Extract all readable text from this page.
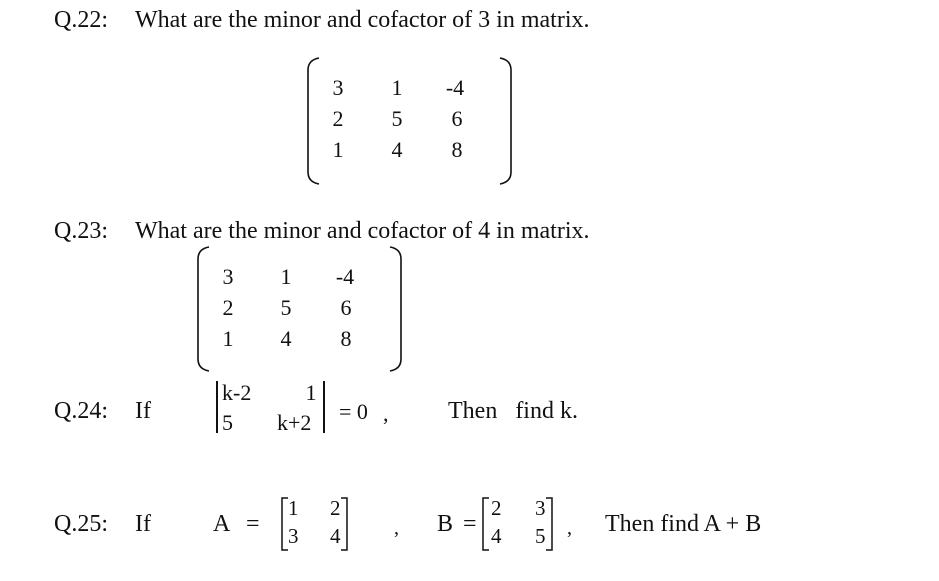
Q.22: What are the minor and cofactor of 3 in matrix.
3 1	-4
2 5 6
1 4 8
Q.23: What are the minor and cofactor of 4 in matrix.
3 1	-4
2 5 6
1 4 8
Q.24: If
k-2 1
5 k+2 = 0 , Then   find k.
Q.25: If	A =
1 2
3 4	, B =
2 3
4 5 , Then find A + B
